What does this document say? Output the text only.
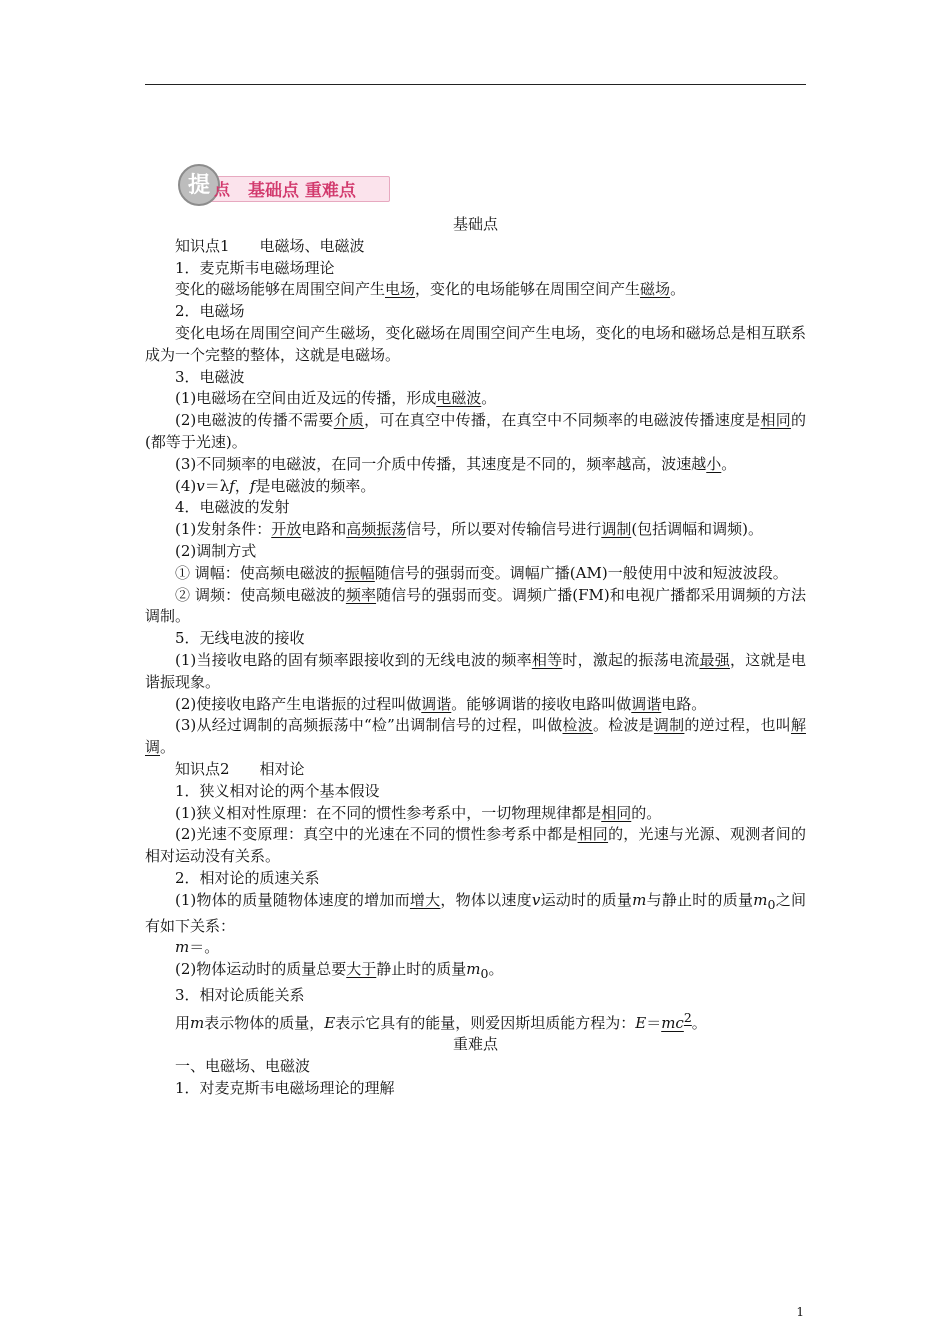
提 点 基础点 重难点

基础点

知识点1 电磁场、电磁波

1．麦克斯韦电磁场理论

变化的磁场能够在周围空间产生电场，变化的电场能够在周围空间产生磁场。

2．电磁场

变化电场在周围空间产生磁场，变化磁场在周围空间产生电场，变化的电场和磁场总是相互联系成为一个完整的整体，这就是电磁场。

3．电磁波

(1)电磁场在空间由近及远的传播，形成电磁波。

(2)电磁波的传播不需要介质，可在真空中传播，在真空中不同频率的电磁波传播速度是相同的(都等于光速)。

(3)不同频率的电磁波，在同一介质中传播，其速度是不同的，频率越高，波速越小。

(4)v＝λf，f是电磁波的频率。

4．电磁波的发射

(1)发射条件：开放电路和高频振荡信号，所以要对传输信号进行调制(包括调幅和调频)。

(2)调制方式

① 调幅：使高频电磁波的振幅随信号的强弱而变。调幅广播(AM)一般使用中波和短波波段。

② 调频：使高频电磁波的频率随信号的强弱而变。调频广播(FM)和电视广播都采用调频的方法调制。

5．无线电波的接收

(1)当接收电路的固有频率跟接收到的无线电波的频率相等时，激起的振荡电流最强，这就是电谐振现象。

(2)使接收电路产生电谐振的过程叫做调谐。能够调谐的接收电路叫做调谐电路。

(3)从经过调制的高频振荡中“检”出调制信号的过程，叫做检波。检波是调制的逆过程，也叫解调。

知识点2 相对论

1．狭义相对论的两个基本假设

(1)狭义相对性原理：在不同的惯性参考系中，一切物理规律都是相同的。

(2)光速不变原理：真空中的光速在不同的惯性参考系中都是相同的，光速与光源、观测者间的相对运动没有关系。

2．相对论的质速关系

(1)物体的质量随物体速度的增加而增大，物体以速度v运动时的质量m与静止时的质量$m_0$之间有如下关系：

m＝。

(2)物体运动时的质量总要大于静止时的质量$m_0$。

3．相对论质能关系

用m表示物体的质量，E表示它具有的能量，则爱因斯坦质能方程为：$E=mc^2$。

重难点

一、电磁场、电磁波

1．对麦克斯韦电磁场理论的理解

1
